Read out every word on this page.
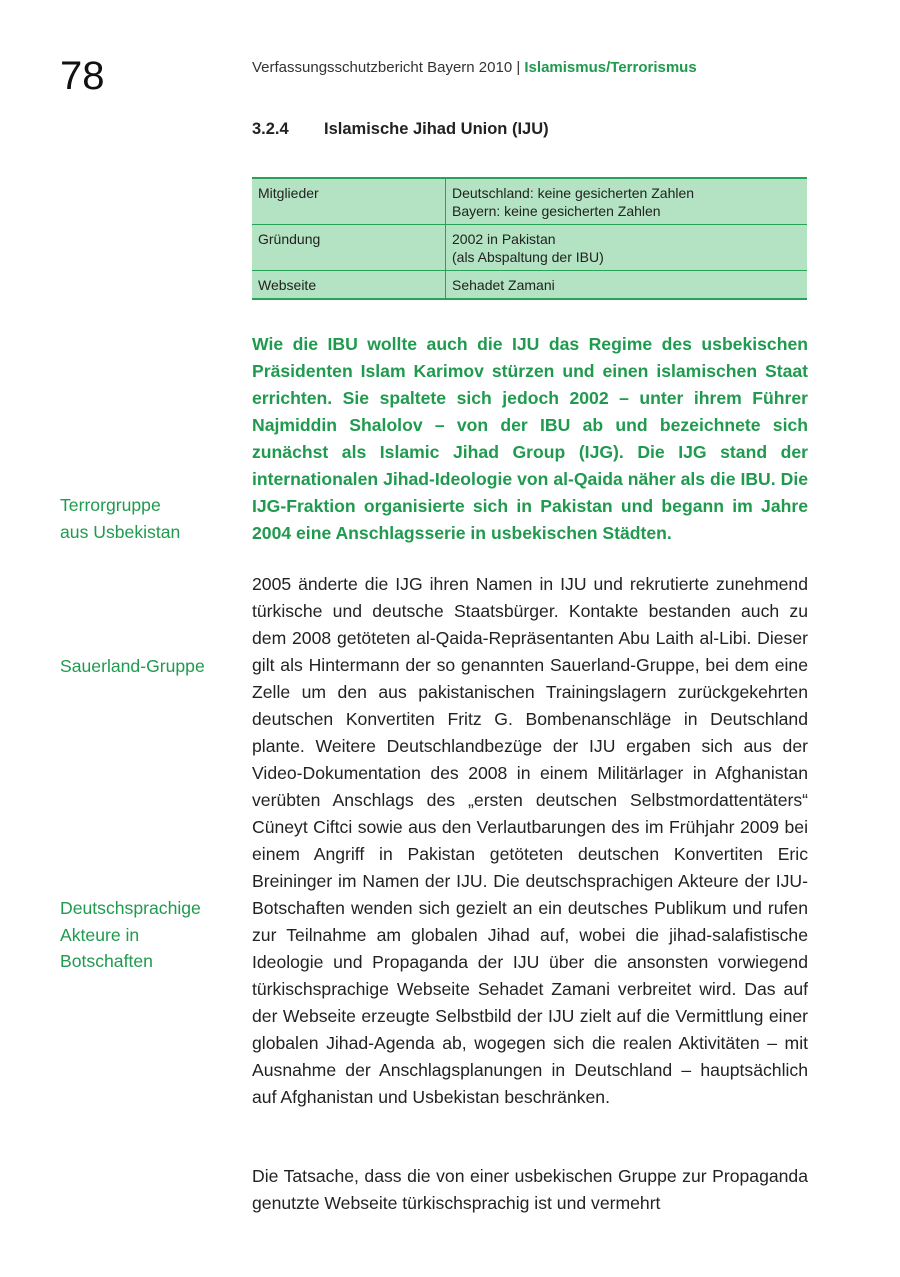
78	Verfassungsschutzbericht Bayern 2010 | Islamismus/Terrorismus
3.2.4 Islamische Jihad Union (IJU)
Mitglieder	Deutschland: keine gesicherten Zahlen
Bayern: keine gesicherten Zahlen

Gründung	2002 in Pakistan
(als Abspaltung der IBU)

Webseite	Sehadet Zamani

Wie die IBU wollte auch die IJU das Regime des usbekischen Präsidenten Islam Karimov stürzen und einen islamischen Staat errichten. Sie spaltete sich jedoch 2002 – unter ihrem Führer Najmiddin Shalolov – von der IBU ab und bezeichnete sich zunächst als Islamic Jihad Group (IJG). Die IJG stand der internationalen Jihad-Ideologie von al-Qaida näher als die IBU. Die IJG-Fraktion organisierte sich in Pakistan und begann im Jahre 2004 eine Anschlagsserie in usbekischen Städten.

2005 änderte die IJG ihren Namen in IJU und rekrutierte zunehmend türkische und deutsche Staatsbürger. Kontakte bestanden auch zu dem 2008 getöteten al-Qaida-Repräsentanten Abu Laith al-Libi. Dieser gilt als Hintermann der so genannten Sauerland-Gruppe, bei dem eine Zelle um den aus pakistanischen Trainingslagern zurückgekehrten deutschen Konvertiten Fritz G. Bombenanschläge in Deutschland plante. Weitere Deutschlandbezüge der IJU ergaben sich aus der Video-Dokumentation des 2008 in einem Militärlager in Afghanistan verübten Anschlags des „ersten deutschen Selbstmordattentäters“ Cüneyt Ciftci sowie aus den Verlautbarungen des im Frühjahr 2009 bei einem Angriff in Pakistan getöteten deutschen Konvertiten Eric Breininger im Namen der IJU. Die deutschsprachigen Akteure der IJU-Botschaften wenden sich gezielt an ein deutsches Publikum und rufen zur Teilnahme am globalen Jihad auf, wobei die jihad-salafistische Ideologie und Propaganda der IJU über die ansonsten vorwiegend türkischsprachige Webseite Sehadet Zamani verbreitet wird. Das auf der Webseite erzeugte Selbstbild der IJU zielt auf die Vermittlung einer globalen Jihad-Agenda ab, wogegen sich die realen Aktivitäten – mit Ausnahme der Anschlagsplanungen in Deutschland – hauptsächlich auf Afghanistan und Usbekistan beschränken.

Die Tatsache, dass die von einer usbekischen Gruppe zur Propaganda genutzte Webseite türkischsprachig ist und vermehrt

Terrorgruppe
aus Usbekistan
Sauerland-Gruppe
Deutschsprachige
Akteure in
Botschaften
